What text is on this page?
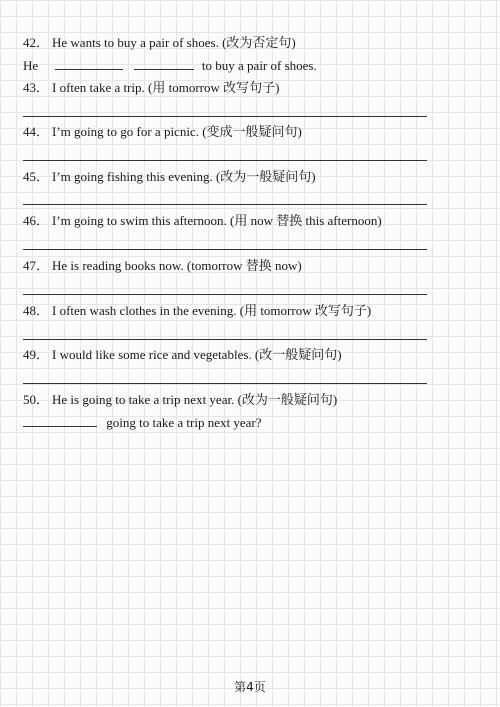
42． He wants to buy a pair of shoes. (改为否定句)
He	to buy a pair of shoes.
43． I often take a trip. (用 tomorrow 改写句子)
44． I’m going to go for a picnic. (变成一般疑问句)
45． I’m going fishing this evening. (改为一般疑问句)
46． I’m going to swim this afternoon. (用 now 替换 this afternoon)
47． He is reading books now. (tomorrow 替换 now)
48． I often wash clothes in the evening. (用 tomorrow 改写句子)
49． I would like some rice and vegetables. (改一般疑问句)
50． He is going to take a trip next year. (改为一般疑问句)
going to take a trip next year?
第4页
